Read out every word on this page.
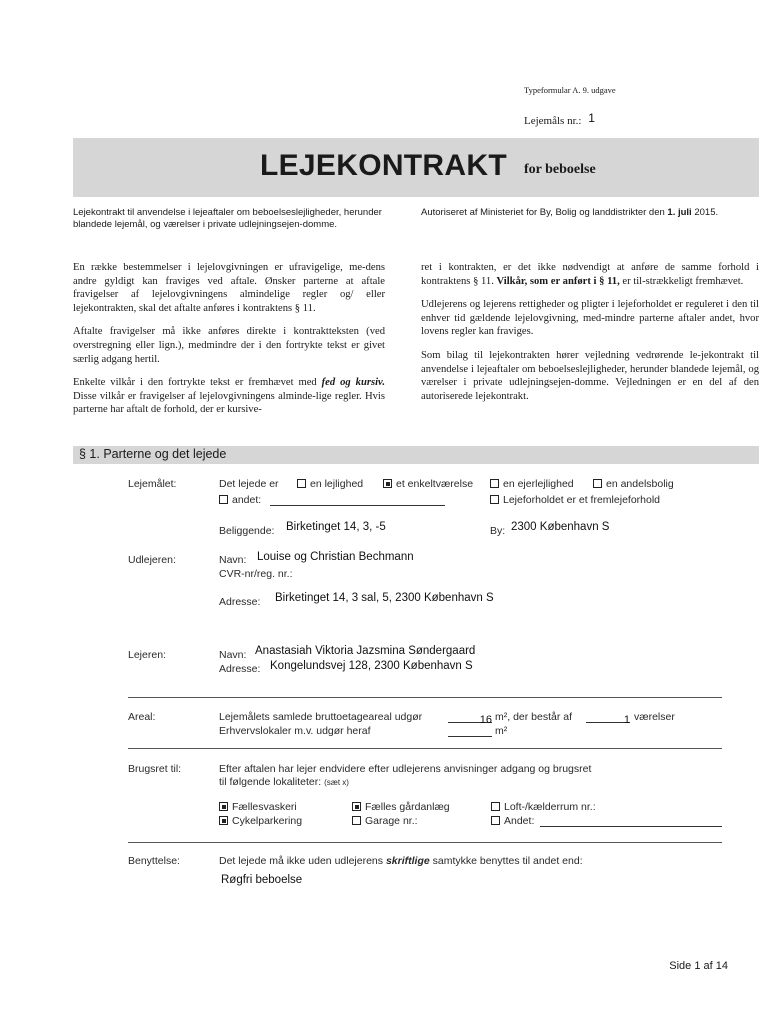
Typeformular A. 9. udgave
Lejemåls nr.: 1
LEJEKONTRAKT for beboelse
Lejekontrakt til anvendelse i lejeaftaler om beboelseslejligheder, herunder blandede lejemål, og værelser i private udlejningsejen-domme.
Autoriseret af Ministeriet for By, Bolig og landdistrikter den 1. juli 2015.

En række bestemmelser i lejelovgivningen er ufravigelige, me-dens andre gyldigt kan fraviges ved aftale. Ønsker parterne at aftale fravigelser af lejelovgivningens almindelige regler og/ eller lejekontrakten, skal det aftalte anføres i kontraktens § 11.

Aftalte fravigelser må ikke anføres direkte i kontraktteksten (ved overstregning eller lign.), medmindre der i den fortrykte tekst er givet særlig adgang hertil.

Enkelte vilkår i den fortrykte tekst er fremhævet med fed og kursiv. Disse vilkår er fravigelser af lejelovgivningens alminde-lige regler. Hvis parterne har aftalt de forhold, der er kursive-

ret i kontrakten, er det ikke nødvendigt at anføre de samme forhold i kontraktens § 11. Vilkår, som er anført i § 11, er til-strækkeligt fremhævet.

Udlejerens og lejerens rettigheder og pligter i lejeforholdet er reguleret i den til enhver tid gældende lejelovgivning, med-mindre parterne aftaler andet, hvor lovens regler kan fraviges.

Som bilag til lejekontrakten hører vejledning vedrørende le-jekontrakt til anvendelse i lejeaftaler om beboelseslejligheder, herunder blandede lejemål, og værelser i private udlejningsejen-domme. Vejledningen er en del af den autoriserede lejekontrakt.

§ 1. Parterne og det lejede
Lejemålet:	Det lejede er	en lejlighed	et enkeltværelse	en ejerlejlighed	en andelsbolig
andet:	Lejeforholdet er et fremlejeforhold
Beliggende: Birketinget 14, 3, -5	By: 2300 København S
Udlejeren:	Navn: Louise og Christian Bechmann
CVR-nr/reg. nr.:
Adresse: Birketinget 14, 3 sal, 5, 2300 København S
Lejeren:	Navn: Anastasiah Viktoria Jazsmina Søndergaard
Adresse: Kongelundsvej 128, 2300 København S
Areal:	Lejemålets samlede bruttoetageareal udgør	16 m², der består af	1 værelser
Erhvervslokaler m.v. udgør heraf	m²
Brugsret til:	Efter aftalen har lejer endvidere efter udlejerens anvisninger adgang og brugsret
til følgende lokaliteter: (sæt x)
Fællesvaskeri	Fælles gårdanlæg	Loft-/kælderrum nr.:
Cykelparkering	Garage nr.:	Andet:
Benyttelse:	Det lejede må ikke uden udlejerens skriftlige samtykke benyttes til andet end:
Røgfri beboelse
Side 1 af 14
